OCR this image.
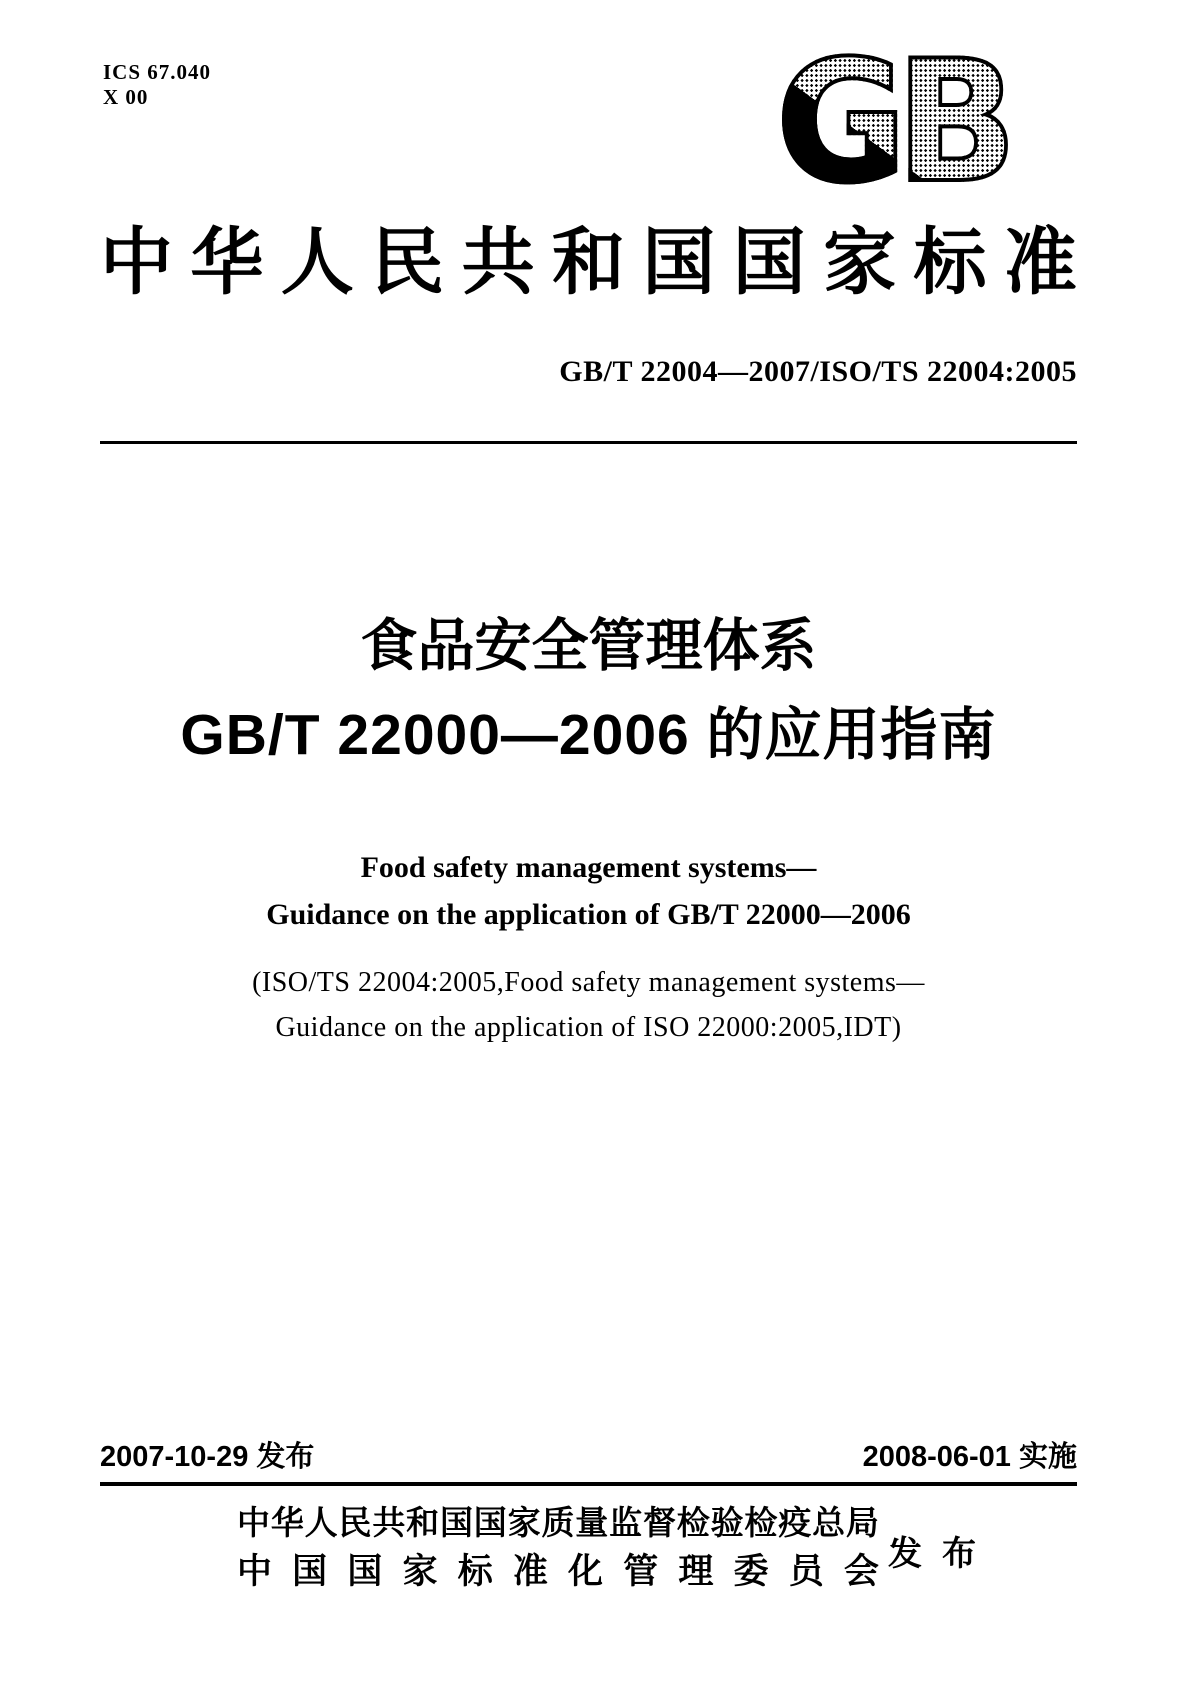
ICS 67.040
X 00	GB
中 华 人 民 共 和 国 国 家 标 准
GB/T 22004—2007/ISO/TS 22004:2005
食品安全管理体系
GB/T 22000—2006 的应用指南
Food safety management systems—
Guidance on the application of GB/T 22000—2006
(ISO/TS 22004:2005,Food safety management systems—
Guidance on the application of ISO 22000:2005,IDT)
2007-10-29 发布	2008-06-01 实施
中 华 人 民 共 和 国 国 家 质 量 监 督 检 验 检 疫 总 局
中 国 国 家 标 准 化 管 理 委 员 会 发 布
